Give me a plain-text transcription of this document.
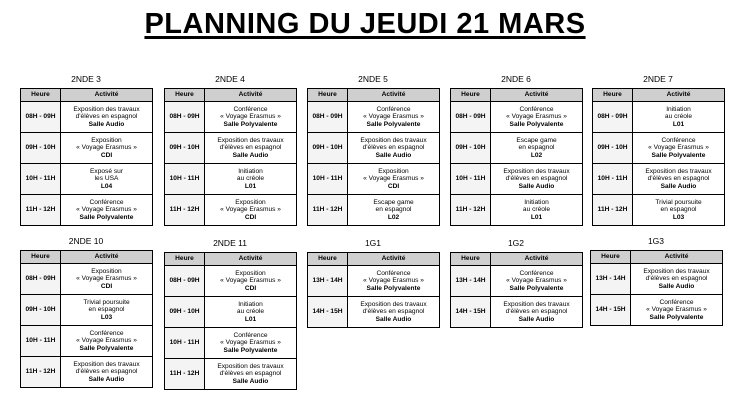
PLANNING DU JEUDI 21 MARS
2NDE 3
Heure	Activité
08H - 09H	Exposition des travaux
d'élèves en espagnol
Salle Audio

09H - 10H	Exposition
« Voyage Erasmus »
CDI

10H - 11H	Exposé sur
les USA
L04

11H - 12H	Conférence
« Voyage Erasmus »
Salle Polyvalente
2NDE 4
Heure	Activité
08H - 09H	Conférence
« Voyage Erasmus »
Salle Polyvalente

09H - 10H	Exposition des travaux
d'élèves en espagnol
Salle Audio

10H - 11H	Initiation
au créole
L01

11H - 12H	Exposition
« Voyage Erasmus »
CDI
2NDE 5
Heure	Activité
08H - 09H	Conférence
« Voyage Erasmus »
Salle Polyvalente

09H - 10H	Exposition des travaux
d'élèves en espagnol
Salle Audio

10H - 11H	Exposition
« Voyage Erasmus »
CDI

11H - 12H	Escape game
en espagnol
L02
2NDE 6
Heure	Activité
08H - 09H	Conférence
« Voyage Erasmus »
Salle Polyvalente

09H - 10H	Escape game
en espagnol
L02

10H - 11H	Exposition des travaux
d'élèves en espagnol
Salle Audio

11H - 12H	Initiation
au créole
L01
2NDE 7
Heure	Activité
08H - 09H	Initiation
au créole
L01

09H - 10H	Conférence
« Voyage Erasmus »
Salle Polyvalente

10H - 11H	Exposition des travaux
d'élèves en espagnol
Salle Audio

11H - 12H	Trivial poursuite
en espagnol
L03
2NDE 10
Heure	Activité
08H - 09H	Exposition
« Voyage Erasmus »
CDI

09H - 10H	Trivial poursuite
en espagnol
L03

10H - 11H	Conférence
« Voyage Erasmus »
Salle Polyvalente

11H - 12H	Exposition des travaux
d'élèves en espagnol
Salle Audio
2NDE 11
Heure	Activité
08H - 09H	Exposition
« Voyage Erasmus »
CDI

09H - 10H	Initiation
au créole
L01

10H - 11H	Conférence
« Voyage Erasmus »
Salle Polyvalente

11H - 12H	Exposition des travaux
d'élèves en espagnol
Salle Audio
1G1
Heure	Activité
13H - 14H	Conférence
« Voyage Erasmus »
Salle Polyvalente

14H - 15H	Exposition des travaux
d'élèves en espagnol
Salle Audio
1G2
Heure	Activité
13H - 14H	Conférence
« Voyage Erasmus »
Salle Polyvalente

14H - 15H	Exposition des travaux
d'élèves en espagnol
Salle Audio
1G3
Heure	Activité
13H - 14H	Exposition des travaux
d'élèves en espagnol
Salle Audio

14H - 15H	Conférence
« Voyage Erasmus »
Salle Polyvalente
